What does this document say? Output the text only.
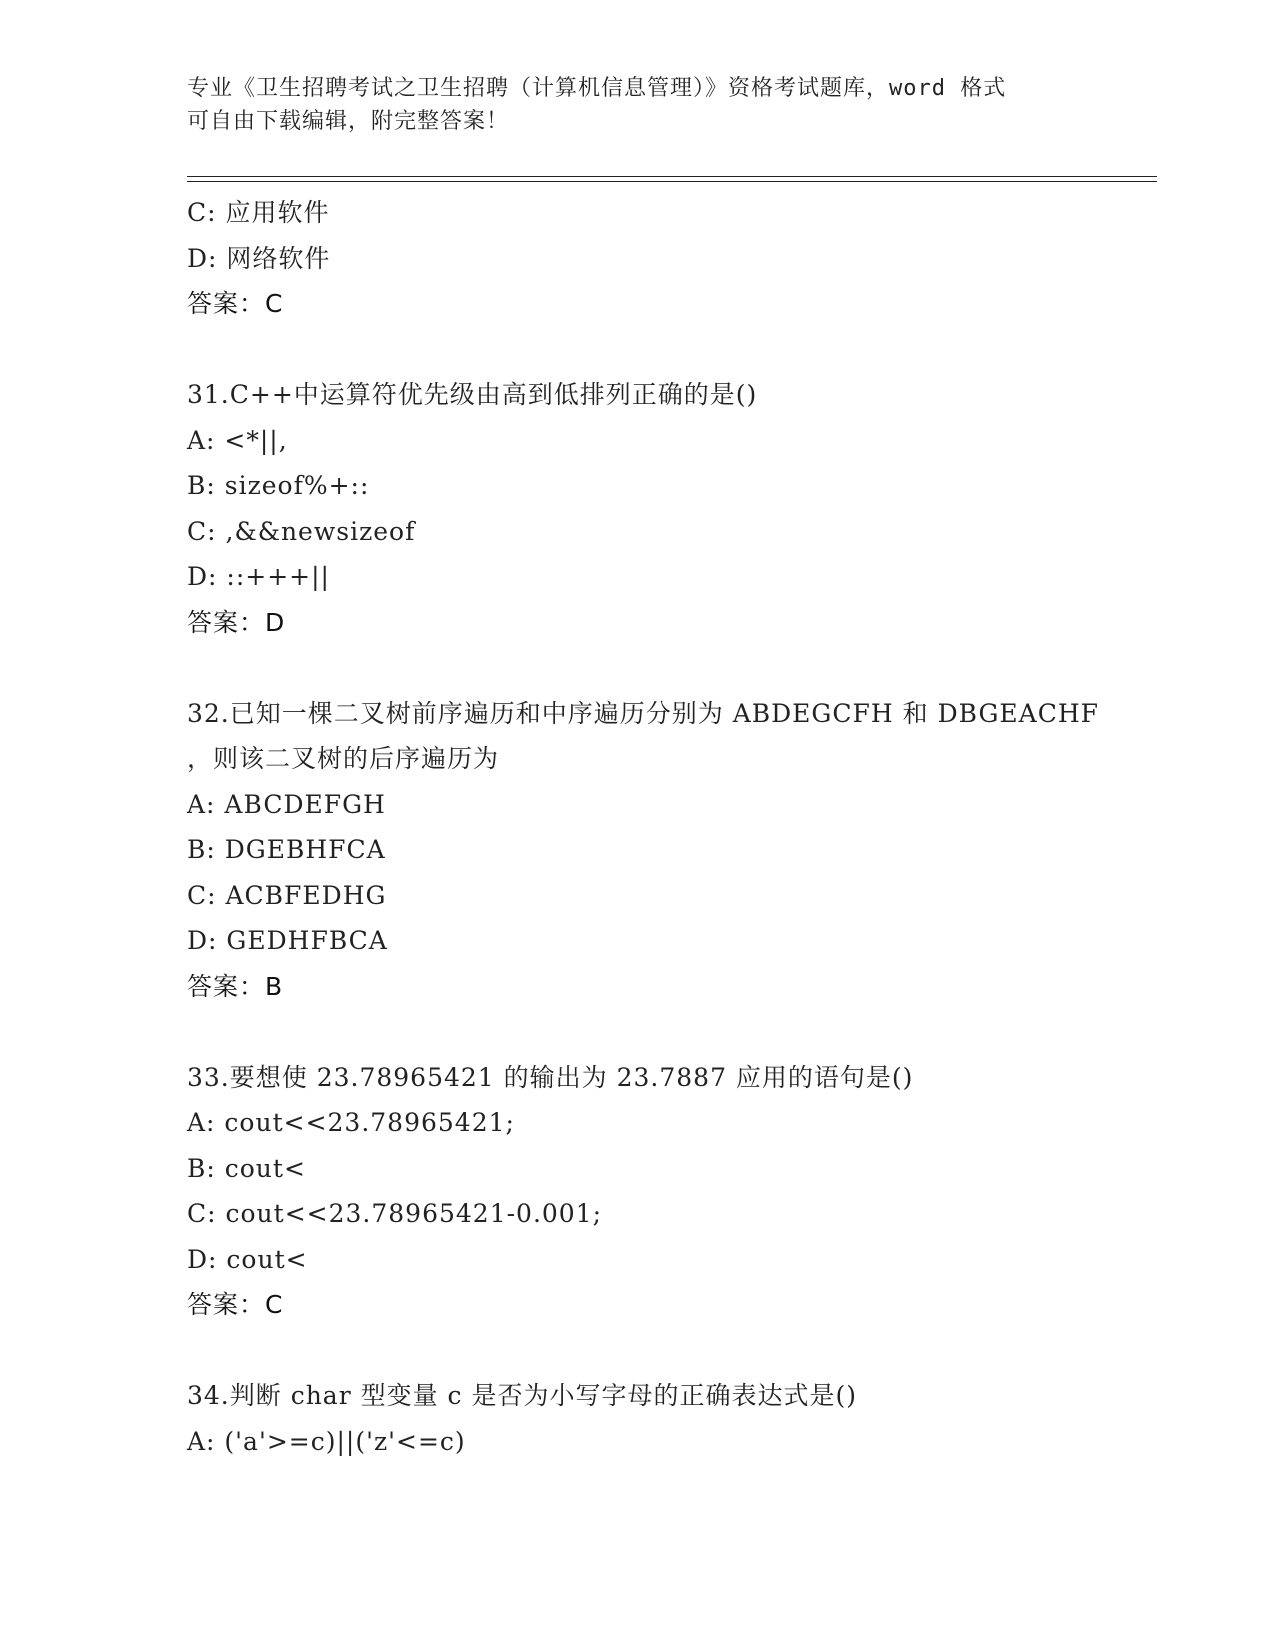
专业《卫生招聘考试之卫生招聘（计算机信息管理）》资格考试题库，word 格式
可自由下载编辑，附完整答案！
C: 应用软件
D: 网络软件
答案：C
31.C++中运算符优先级由高到低排列正确的是()
A: <*||,
B: sizeof%+::
C: ,&&newsizeof
D: ::+++||
答案：D
32.已知一棵二叉树前序遍历和中序遍历分别为 ABDEGCFH 和 DBGEACHF
，则该二叉树的后序遍历为
A: ABCDEFGH
B: DGEBHFCA
C: ACBFEDHG
D: GEDHFBCA
答案：B
33.要想使 23.78965421 的输出为 23.7887 应用的语句是()
A: cout<<23.78965421;
B: cout<
C: cout<<23.78965421-0.001;
D: cout<
答案：C
34.判断 char 型变量 c 是否为小写字母的正确表达式是()
A: ('a'>=c)||('z'<=c)
